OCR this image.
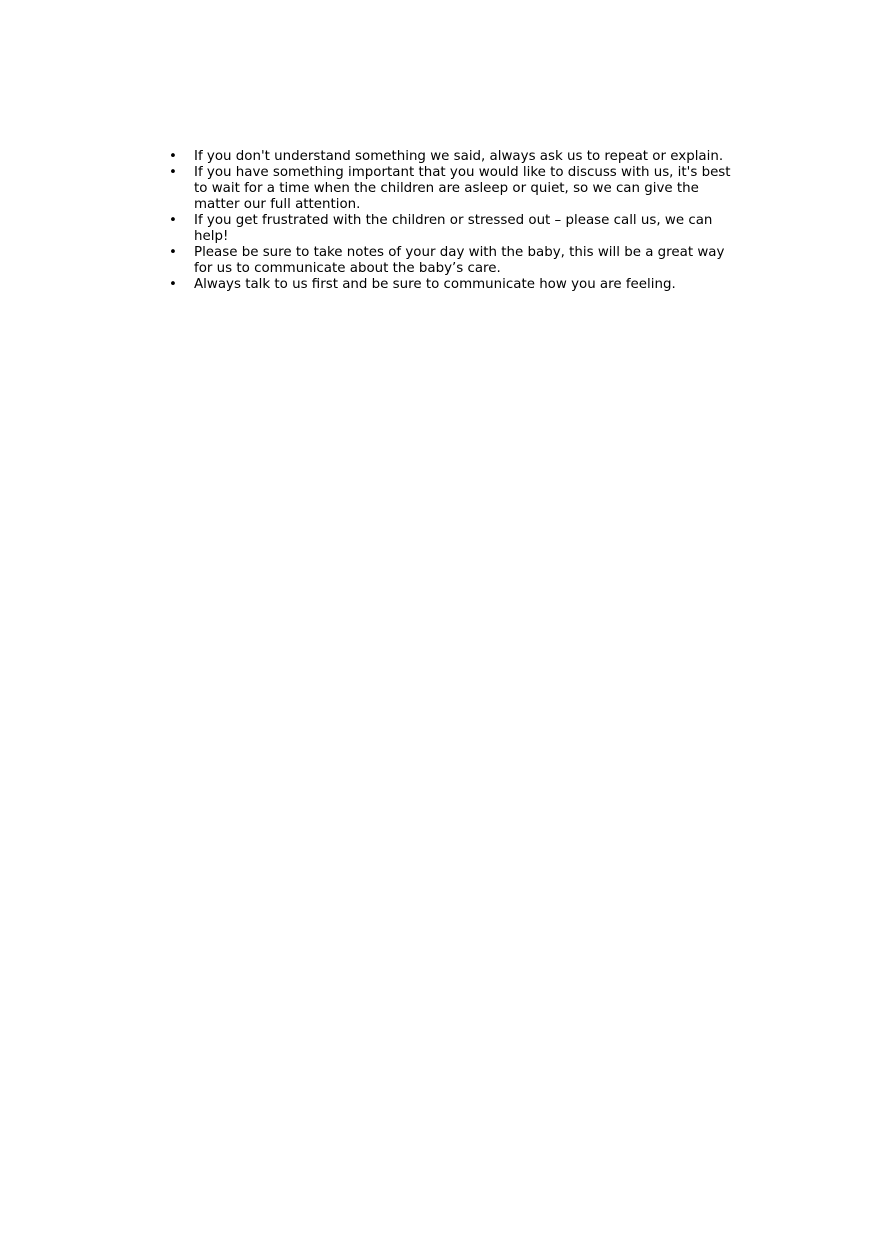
• If you don't understand something we said, always ask us to repeat or explain.
• If you have something important that you would like to discuss with us, it's best to wait for a time when the children are asleep or quiet, so we can give the matter our full attention.
• If you get frustrated with the children or stressed out – please call us, we can help!
• Please be sure to take notes of your day with the baby, this will be a great way for us to communicate about the baby’s care.
• Always talk to us first and be sure to communicate how you are feeling.
